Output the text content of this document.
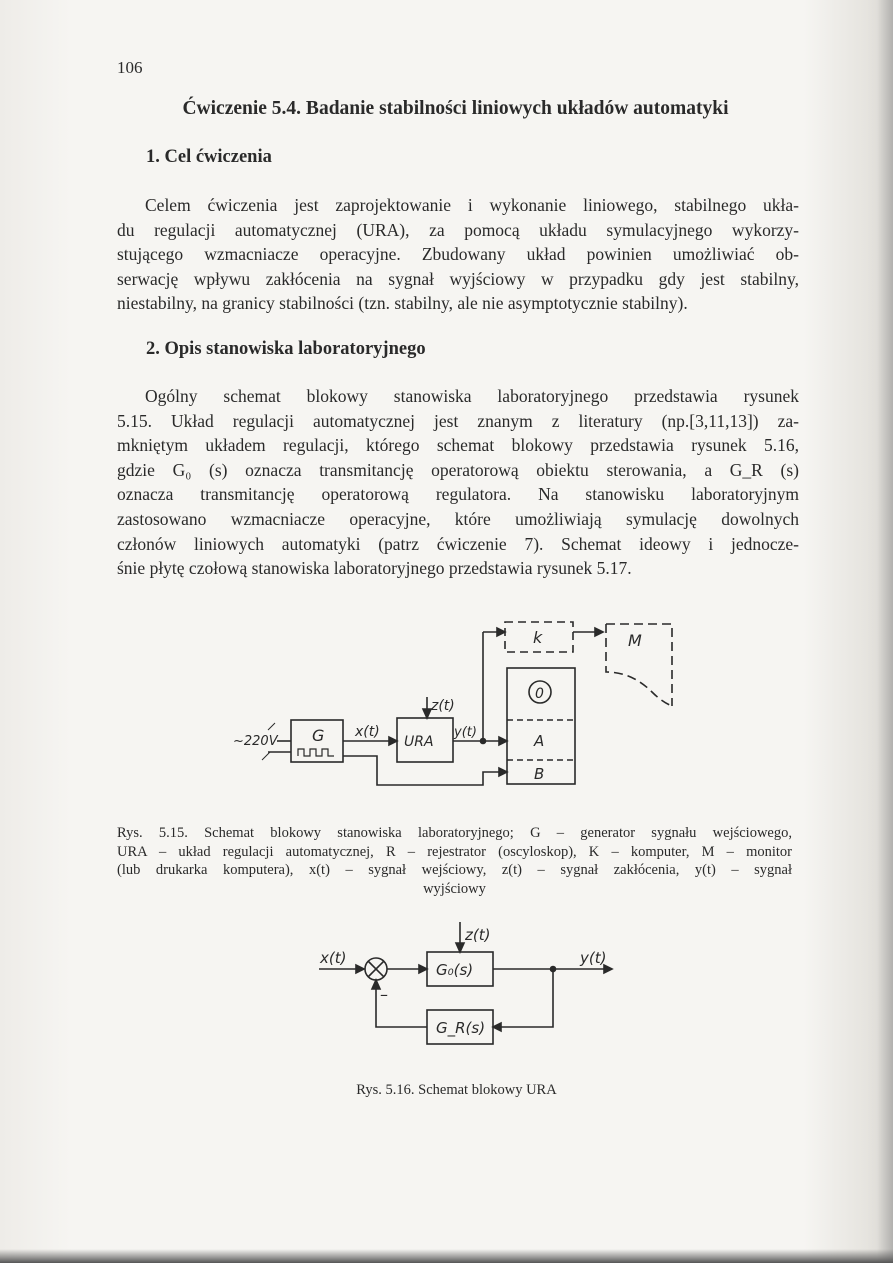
106
Ćwiczenie 5.4. Badanie stabilności liniowych układów automatyki
1. Cel ćwiczenia
Celem ćwiczenia jest zaprojektowanie i wykonanie liniowego, stabilnego ukła-
du regulacji automatycznej (URA), za pomocą układu symulacyjnego wykorzy-
stującego wzmacniacze operacyjne. Zbudowany układ powinien umożliwiać ob-
serwację wpływu zakłócenia na sygnał wyjściowy w przypadku gdy jest stabilny,
niestabilny, na granicy stabilności (tzn. stabilny, ale nie asymptotycznie stabilny).
2. Opis stanowiska laboratoryjnego
Ogólny schemat blokowy stanowiska laboratoryjnego przedstawia rysunek
5.15. Układ regulacji automatycznej jest znanym z literatury (np.[3,11,13]) za-
mkniętym układem regulacji, którego schemat blokowy przedstawia rysunek 5.16,
gdzie G₀ (s) oznacza transmitancję operatorową obiektu sterowania, a G_R (s)
oznacza transmitancję operatorową regulatora. Na stanowisku laboratoryjnym
zastosowano wzmacniacze operacyjne, które umożliwiają symulację dowolnych
członów liniowych automatyki (patrz ćwiczenie 7). Schemat ideowy i jednocze-
śnie płytę czołową stanowiska laboratoryjnego przedstawia rysunek 5.17.
~220V G x(t)
URA
z(t)
y(t)
k	M
0
A
B
x(t)
z(t)
y(t)
G₀(s)
G_R(s)
–
Rys. 5.15. Schemat blokowy stanowiska laboratoryjnego; G – generator sygnału wejściowego,
URA – układ regulacji automatycznej, R – rejestrator (oscyloskop), K – komputer, M – monitor
(lub drukarka komputera), x(t) – sygnał wejściowy, z(t) – sygnał zakłócenia, y(t) – sygnał
wyjściowy
Rys. 5.16. Schemat blokowy URA
